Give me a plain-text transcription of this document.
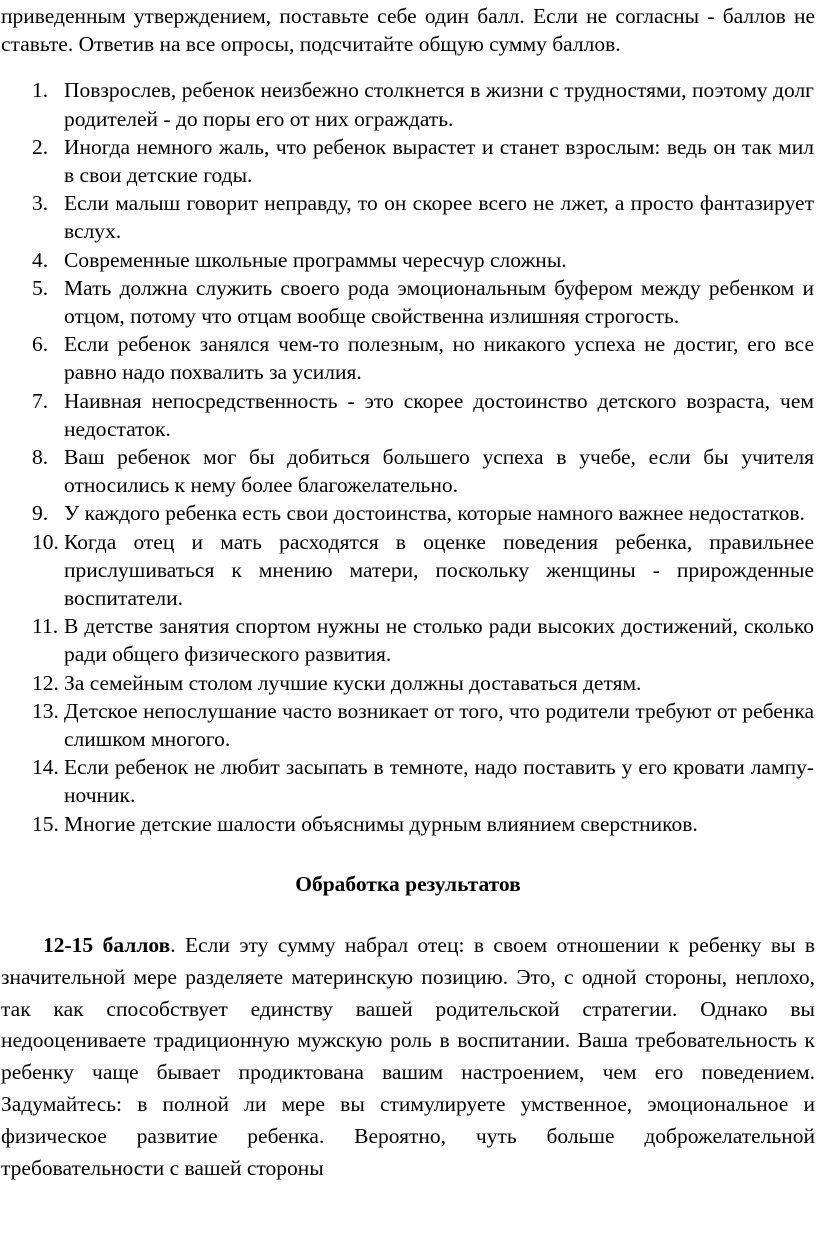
приведенным утверждением, поставьте себе один балл. Если не согласны - баллов не ставьте. Ответив на все опросы, подсчитайте общую сумму баллов.

1. Повзрослев, ребенок неизбежно столкнется в жизни с трудностями, поэтому долг родителей - до поры его от них ограждать.
2. Иногда немного жаль, что ребенок вырастет и станет взрослым: ведь он так мил в свои детские годы.
3. Если малыш говорит неправду, то он скорее всего не лжет, а просто фантазирует вслух.
4. Современные школьные программы чересчур сложны.
5. Мать должна служить своего рода эмоциональным буфером между ребенком и отцом, потому что отцам вообще свойственна излишняя строгость.
6. Если ребенок занялся чем-то полезным, но никакого успеха не достиг, его все равно надо похвалить за усилия.
7. Наивная непосредственность - это скорее достоинство детского возраста, чем недостаток.
8. Ваш ребенок мог бы добиться большего успеха в учебе, если бы учителя относились к нему более благожелательно.
9. У каждого ребенка есть свои достоинства, которые намного важнее недостатков.
10. Когда отец и мать расходятся в оценке поведения ребенка, правильнее прислушиваться к мнению матери, поскольку женщины - прирожденные воспитатели.
11. В детстве занятия спортом нужны не столько ради высоких достижений, сколько ради общего физического развития.
12. За семейным столом лучшие куски должны доставаться детям.
13. Детское непослушание часто возникает от того, что родители требуют от ребенка слишком многого.
14. Если ребенок не любит засыпать в темноте, надо поставить у его кровати лампу-ночник.
15. Многие детские шалости объяснимы дурным влиянием сверстников.
Обработка результатов

12-15 баллов. Если эту сумму набрал отец: в своем отношении к ребенку вы в значительной мере разделяете материнскую позицию. Это, с одной стороны, неплохо, так как способствует единству вашей родительской стратегии. Однако вы недооцениваете традиционную мужскую роль в воспитании. Ваша требовательность к ребенку чаще бывает продиктована вашим настроением, чем его поведением. Задумайтесь: в полной ли мере вы стимулируете умственное, эмоциональное и физическое развитие ребенка. Вероятно, чуть больше доброжелательной требовательности с вашей стороны
